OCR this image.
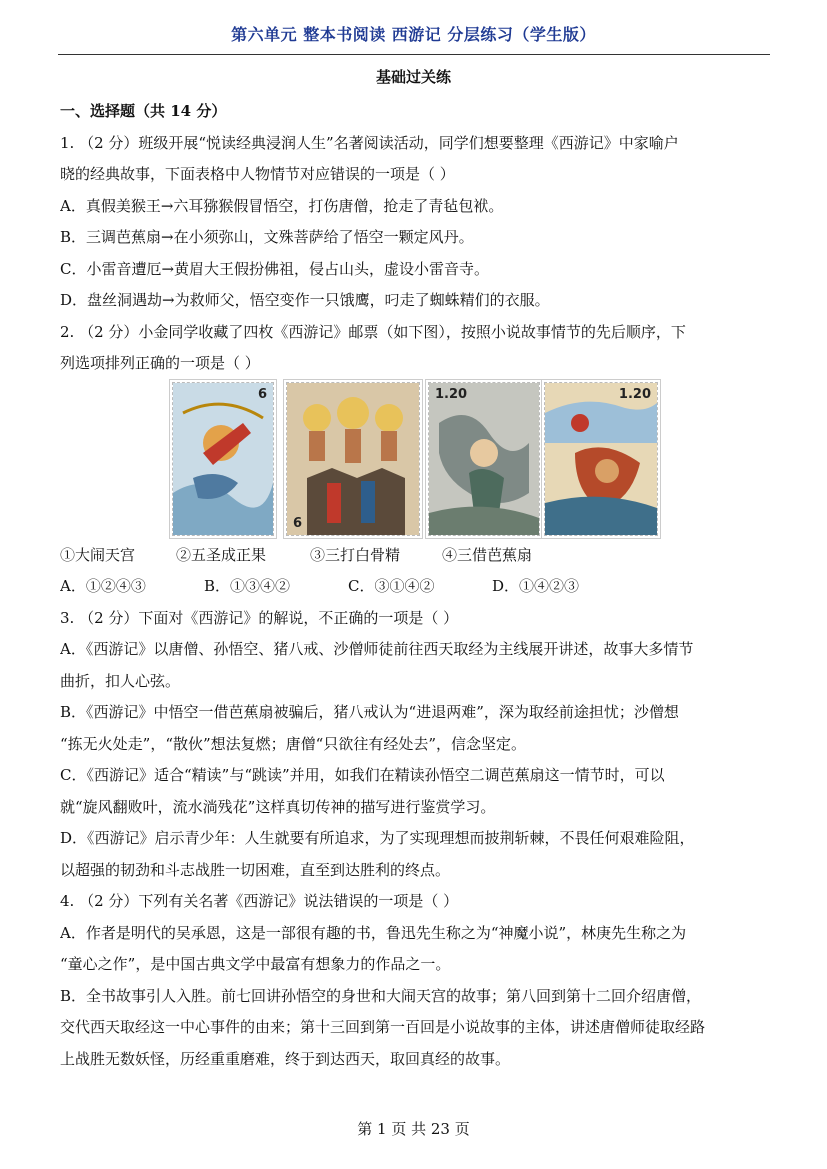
第六单元 整本书阅读 西游记 分层练习（学生版）
基础过关练
一、选择题（共 14 分）
1. （2 分）班级开展“悦读经典浸润人生”名著阅读活动，同学们想要整理《西游记》中家喻户
晓的经典故事，下面表格中人物情节对应错误的一项是（ ）
A．真假美猴王→六耳猕猴假冒悟空，打伤唐僧，抢走了青毡包袱。
B．三调芭蕉扇→在小须弥山，文殊菩萨给了悟空一颗定风丹。
C．小雷音遭厄→黄眉大王假扮佛祖，侵占山头，虚设小雷音寺。
D．盘丝洞遇劫→为救师父，悟空变作一只饿鹰，叼走了蜘蛛精们的衣服。
2. （2 分）小金同学收藏了四枚《西游记》邮票（如下图），按照小说故事情节的先后顺序，下
列选项排列正确的一项是（ ）
6
6
1.20	1.20
①大闹天宫	②五圣成正果	③三打白骨精	④三借芭蕉扇
A．①②④③	B．①③④②	C．③①④②	D．①④②③
3. （2 分）下面对《西游记》的解说，不正确的一项是（ ）
A．《西游记》以唐僧、孙悟空、猪八戒、沙僧师徒前往西天取经为主线展开讲述，故事大多情节
曲折，扣人心弦。
B．《西游记》中悟空一借芭蕉扇被骗后，猪八戒认为“进退两难”，深为取经前途担忧；沙僧想
“拣无火处走”，“散伙”想法复燃；唐僧“只欲往有经处去”，信念坚定。
C．《西游记》适合“精读”与“跳读”并用，如我们在精读孙悟空二调芭蕉扇这一情节时，可以
就“旋风翻败叶，流水淌残花”这样真切传神的描写进行鉴赏学习。
D．《西游记》启示青少年：人生就要有所追求，为了实现理想而披荆斩棘，不畏任何艰难险阻，
以超强的韧劲和斗志战胜一切困难，直至到达胜利的终点。
4. （2 分）下列有关名著《西游记》说法错误的一项是（ ）
A．作者是明代的吴承恩，这是一部很有趣的书，鲁迅先生称之为“神魔小说”，林庚先生称之为
“童心之作”，是中国古典文学中最富有想象力的作品之一。
B．全书故事引人入胜。前七回讲孙悟空的身世和大闹天宫的故事；第八回到第十二回介绍唐僧，
交代西天取经这一中心事件的由来；第十三回到第一百回是小说故事的主体，讲述唐僧师徒取经路
上战胜无数妖怪，历经重重磨难，终于到达西天，取回真经的故事。
第 1 页 共 23 页
